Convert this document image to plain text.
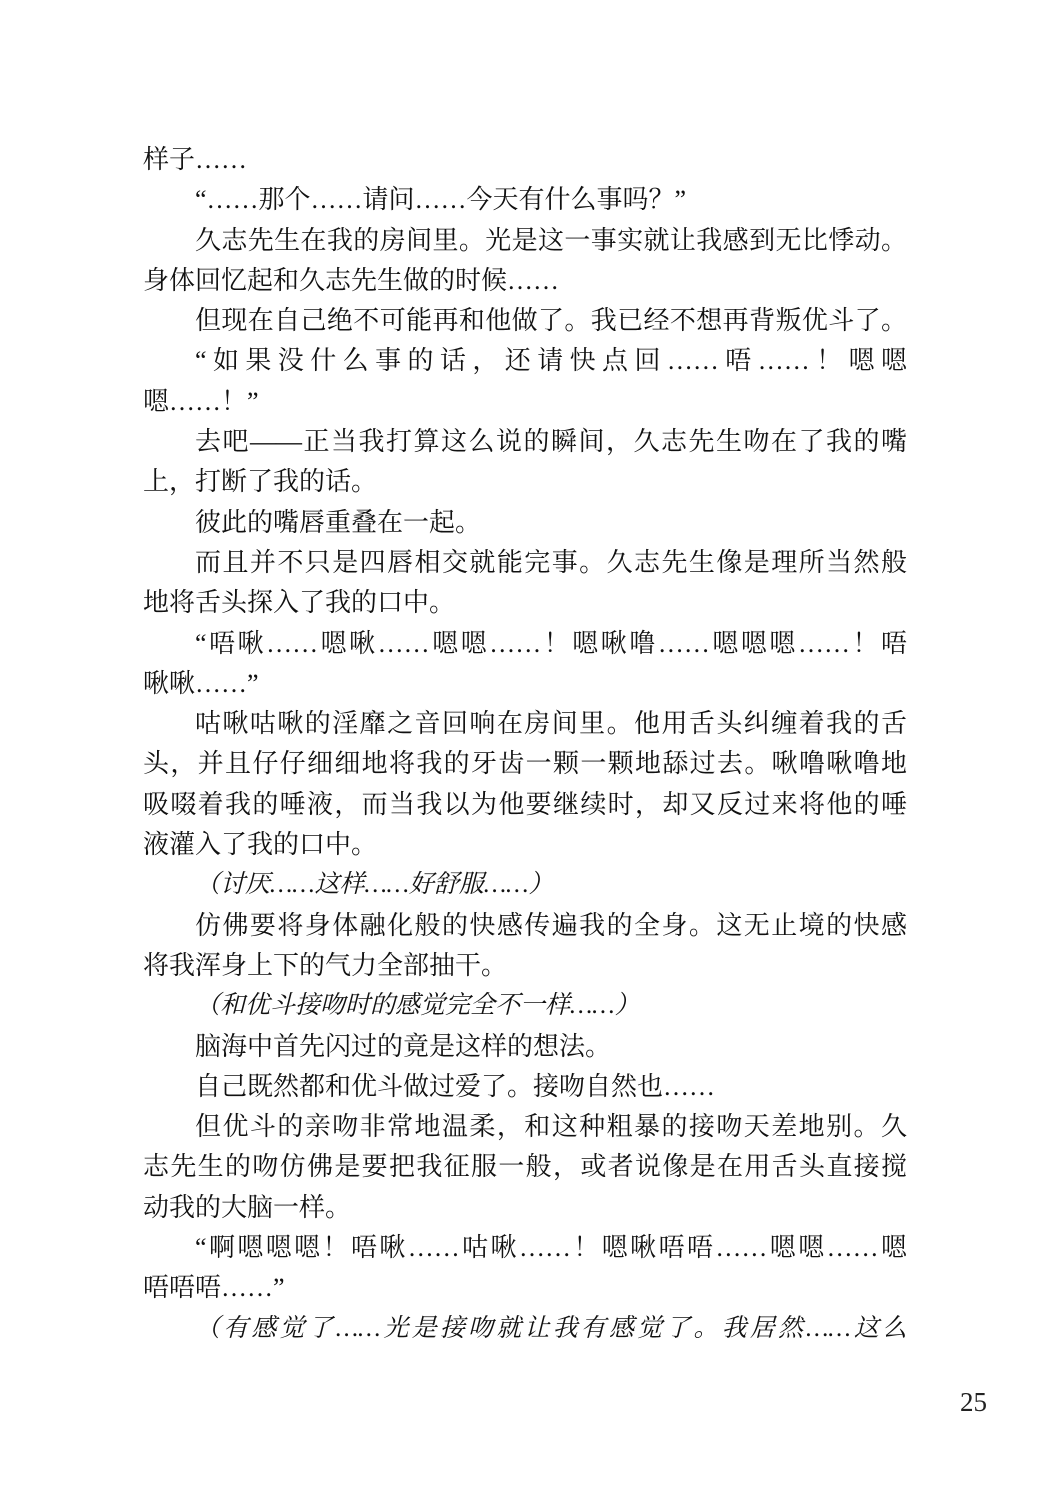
样子……
“……那个……请问……今天有什么事吗？”
久志先生在我的房间里。光是这一事实就让我感到无比悸动。
身体回忆起和久志先生做的时候……
但现在自己绝不可能再和他做了。我已经不想再背叛优斗了。
“如果没什么事的话，还请快点回……唔……！嗯嗯
嗯……！”
去吧——正当我打算这么说的瞬间，久志先生吻在了我的嘴
上，打断了我的话。
彼此的嘴唇重叠在一起。
而且并不只是四唇相交就能完事。久志先生像是理所当然般
地将舌头探入了我的口中。
“唔啾……嗯啾……嗯嗯……！嗯啾噜……嗯嗯嗯……！唔
啾啾……”
咕啾咕啾的淫靡之音回响在房间里。他用舌头纠缠着我的舌
头，并且仔仔细细地将我的牙齿一颗一颗地舔过去。啾噜啾噜地
吸啜着我的唾液，而当我以为他要继续时，却又反过来将他的唾
液灌入了我的口中。
（讨厌……这样……好舒服……）
仿佛要将身体融化般的快感传遍我的全身。这无止境的快感
将我浑身上下的气力全部抽干。
（和优斗接吻时的感觉完全不一样……）
脑海中首先闪过的竟是这样的想法。
自己既然都和优斗做过爱了。接吻自然也……
但优斗的亲吻非常地温柔，和这种粗暴的接吻天差地别。久
志先生的吻仿佛是要把我征服一般，或者说像是在用舌头直接搅
动我的大脑一样。
“啊嗯嗯嗯！唔啾……咕啾……！嗯啾唔唔……嗯嗯……嗯
唔唔唔……”
（有感觉了……光是接吻就让我有感觉了。我居然……这么
25
